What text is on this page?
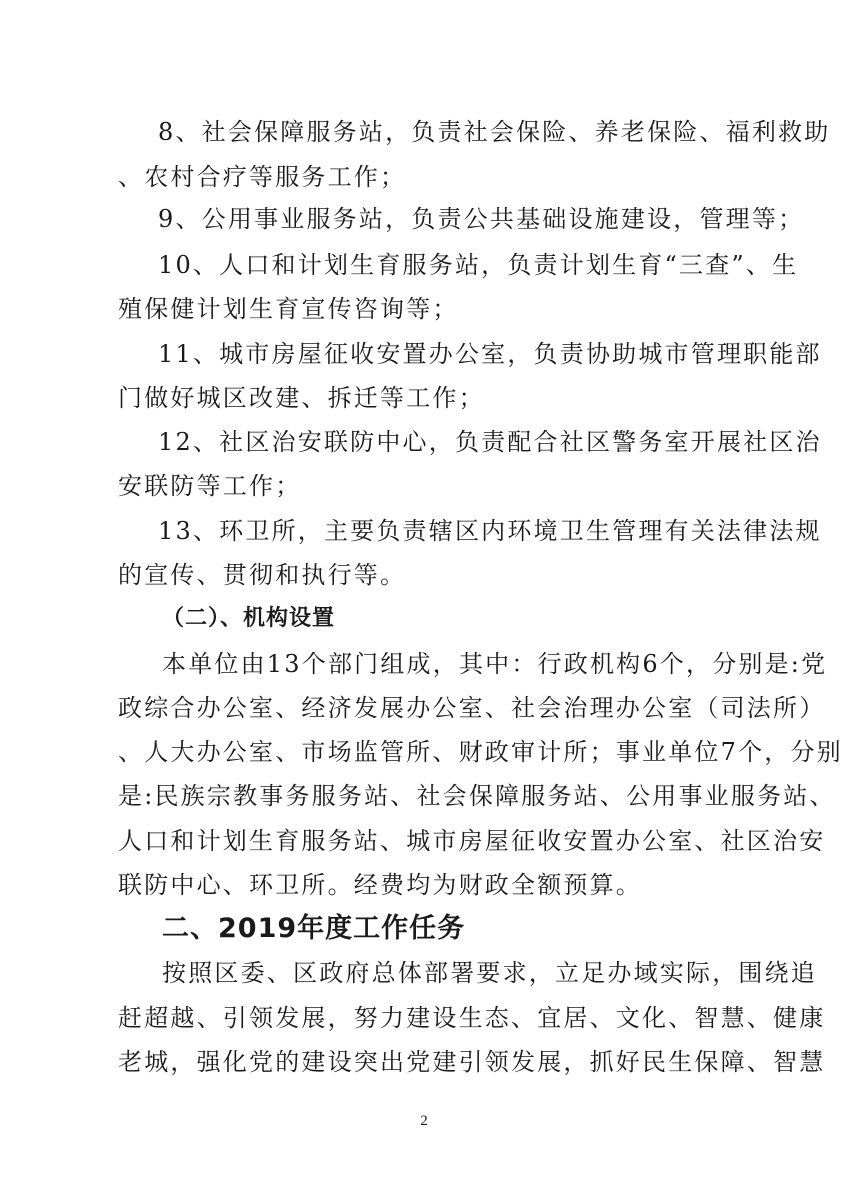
8、社会保障服务站，负责社会保险、养老保险、福利救助
、农村合疗等服务工作；
9、公用事业服务站，负责公共基础设施建设，管理等；
10、人口和计划生育服务站，负责计划生育“三查”、生
殖保健计划生育宣传咨询等；
11、城市房屋征收安置办公室，负责协助城市管理职能部
门做好城区改建、拆迁等工作；
12、社区治安联防中心，负责配合社区警务室开展社区治
安联防等工作；
13、环卫所，主要负责辖区内环境卫生管理有关法律法规
的宣传、贯彻和执行等。
（二）、机构设置
本单位由13个部门组成，其中：行政机构6个，分别是:党
政综合办公室、经济发展办公室、社会治理办公室（司法所）
、人大办公室、市场监管所、财政审计所；事业单位7个，分别
是:民族宗教事务服务站、社会保障服务站、公用事业服务站、
人口和计划生育服务站、城市房屋征收安置办公室、社区治安
联防中心、环卫所。经费均为财政全额预算。
二、2019年度工作任务
按照区委、区政府总体部署要求，立足办域实际，围绕追
赶超越、引领发展，努力建设生态、宜居、文化、智慧、健康
老城，强化党的建设突出党建引领发展，抓好民生保障、智慧
2
